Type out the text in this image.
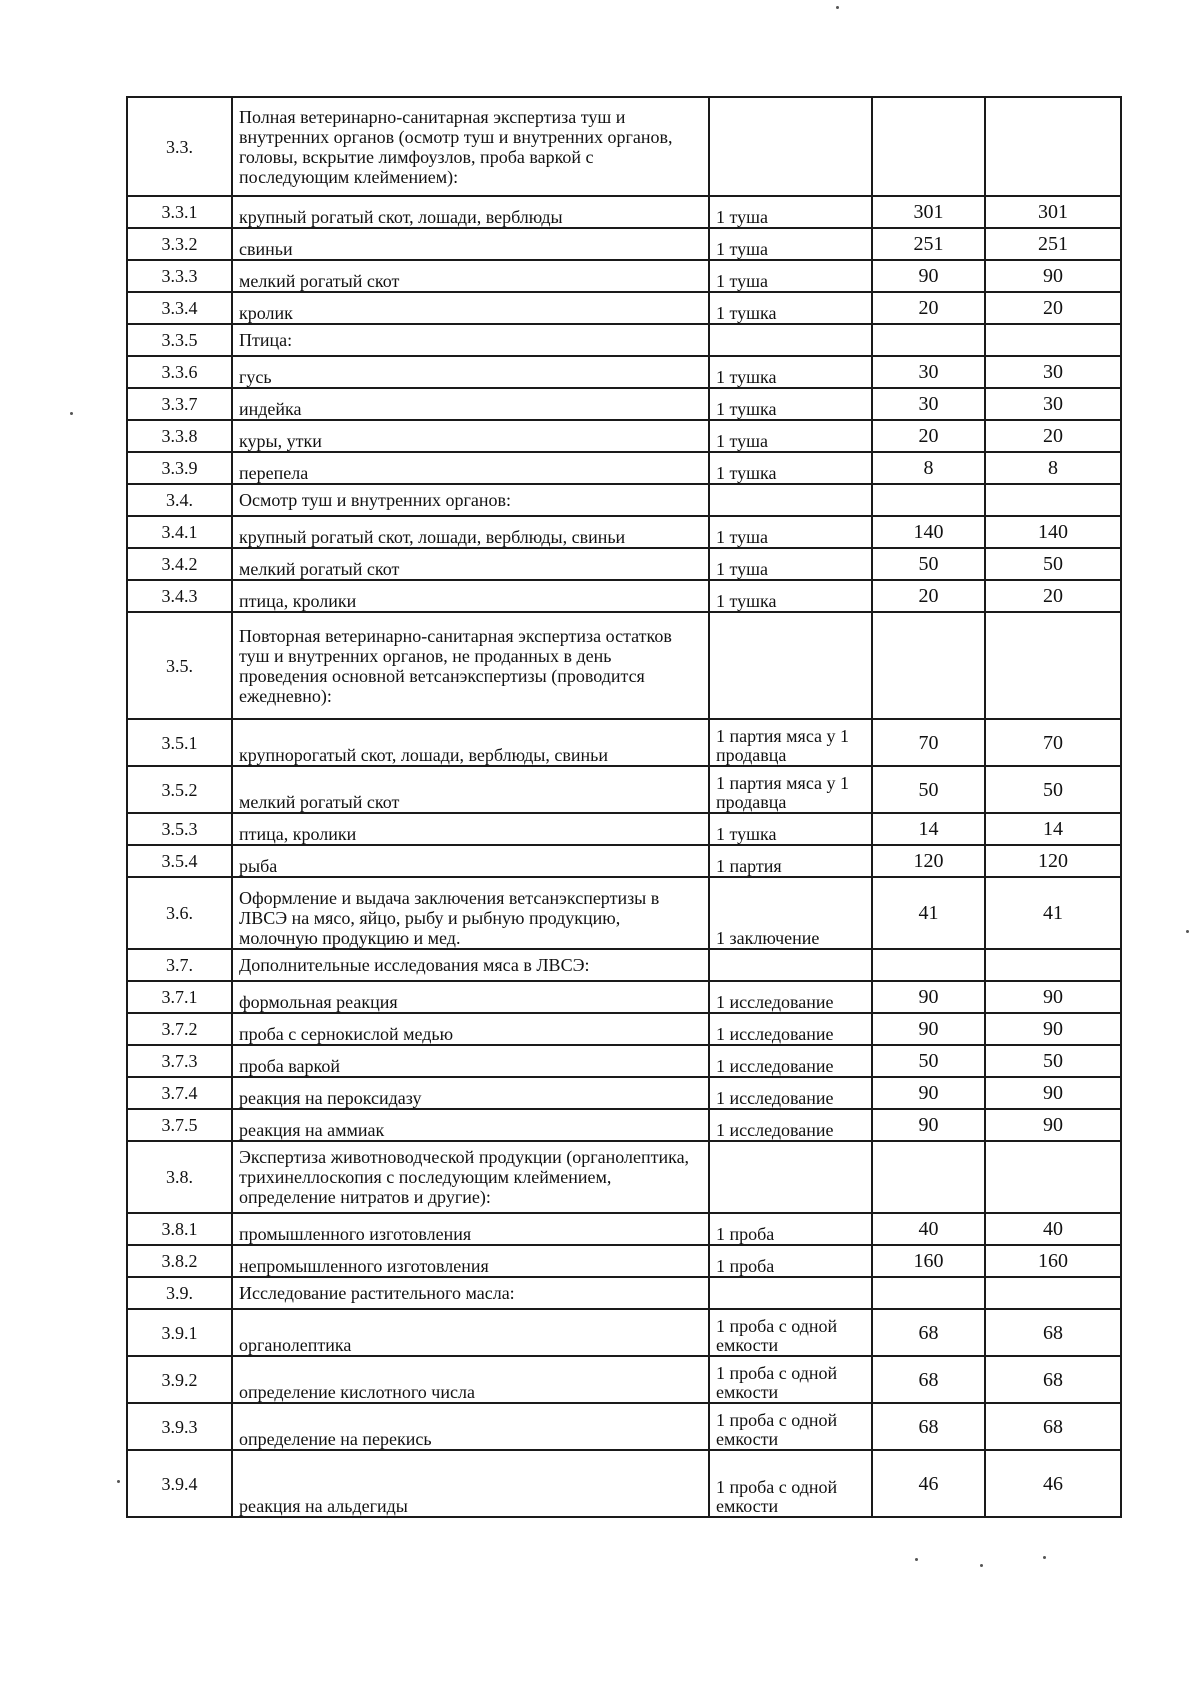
3.3.	Полная ветеринарно-санитарная экспертиза туш и внутренних органов (осмотр туш и внутренних органов, головы, вскрытие лимфоузлов, проба варкой с последующим клеймением):			
3.3.1	крупный рогатый скот, лошади, верблюды	1 туша	301	301
3.3.2	свиньи	1 туша	251	251
3.3.3	мелкий рогатый скот	1 туша	90	90
3.3.4	кролик	1 тушка	20	20
3.3.5	Птица:			
3.3.6	гусь	1 тушка	30	30
3.3.7	индейка	1 тушка	30	30
3.3.8	куры, утки	1 туша	20	20
3.3.9	перепела	1 тушка	8	8
3.4.	Осмотр туш и внутренних органов:			
3.4.1	крупный рогатый скот, лошади, верблюды, свиньи	1 туша	140	140
3.4.2	мелкий рогатый скот	1 туша	50	50
3.4.3	птица, кролики	1 тушка	20	20
3.5.	Повторная ветеринарно-санитарная экспертиза остатков туш и внутренних органов, не проданных в день проведения основной ветсанэкспертизы (проводится ежедневно):			
3.5.1	крупнорогатый скот, лошади, верблюды, свиньи	1 партия мяса у 1 продавца	70	70
3.5.2	мелкий рогатый скот	1 партия мяса у 1 продавца	50	50
3.5.3	птица, кролики	1 тушка	14	14
3.5.4	рыба	1 партия	120	120
3.6.	Оформление и выдача заключения ветсанэкспертизы в ЛВСЭ на мясо, яйцо, рыбу и рыбную продукцию, молочную продукцию и мед.	1 заключение	41	41
3.7.	Дополнительные исследования мяса в ЛВСЭ:			
3.7.1	формольная реакция	1 исследование	90	90
3.7.2	проба с сернокислой медью	1 исследование	90	90
3.7.3	проба варкой	1 исследование	50	50
3.7.4	реакция на пероксидазу	1 исследование	90	90
3.7.5	реакция на аммиак	1 исследование	90	90
3.8.	Экспертиза животноводческой продукции (органолептика, трихинеллоскопия с последующим клеймением, определение нитратов и другие):			
3.8.1	промышленного изготовления	1 проба	40	40
3.8.2	непромышленного изготовления	1 проба	160	160
3.9.	Исследование растительного масла:			
3.9.1	органолептика	1 проба с одной емкости	68	68
3.9.2	определение кислотного числа	1 проба с одной емкости	68	68
3.9.3	определение на перекись	1 проба с одной емкости	68	68
3.9.4	реакция на альдегиды	1 проба с одной емкости	46	46
